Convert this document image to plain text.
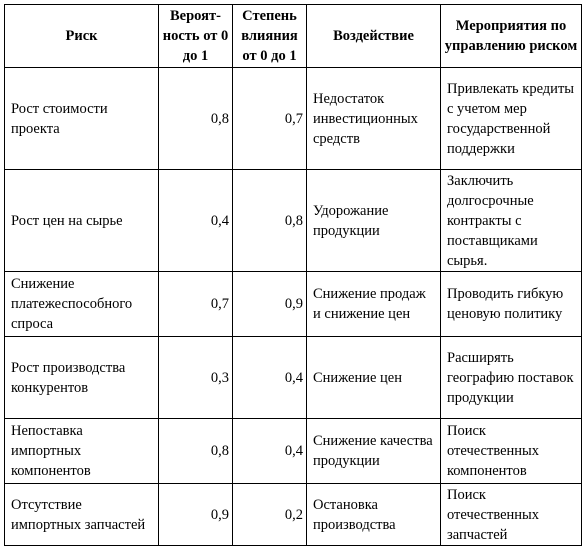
Риск	Вероят-ность от 0 до 1	Степень влияния от 0 до 1	Воздействие	Мероприятия по управлению риском
Рост стоимости проекта	0,8	0,7	Недостаток инвестиционных средств	Привлекать кредиты с учетом мер государственной поддержки
Рост цен на сырье	0,4	0,8	Удорожание продукции	Заключить долгосрочные контракты с поставщиками сырья.
Снижение платежеспособного спроса	0,7	0,9	Снижение продаж и снижение цен	Проводить гибкую ценовую политику
Рост производства конкурентов	0,3	0,4	Снижение цен	Расширять географию поставок продукции
Непоставка импортных компонентов	0,8	0,4	Снижение качества продукции	Поиск отечественных компонентов
Отсутствие импортных запчастей	0,9	0,2	Остановка производства	Поиск отечественных запчастей
